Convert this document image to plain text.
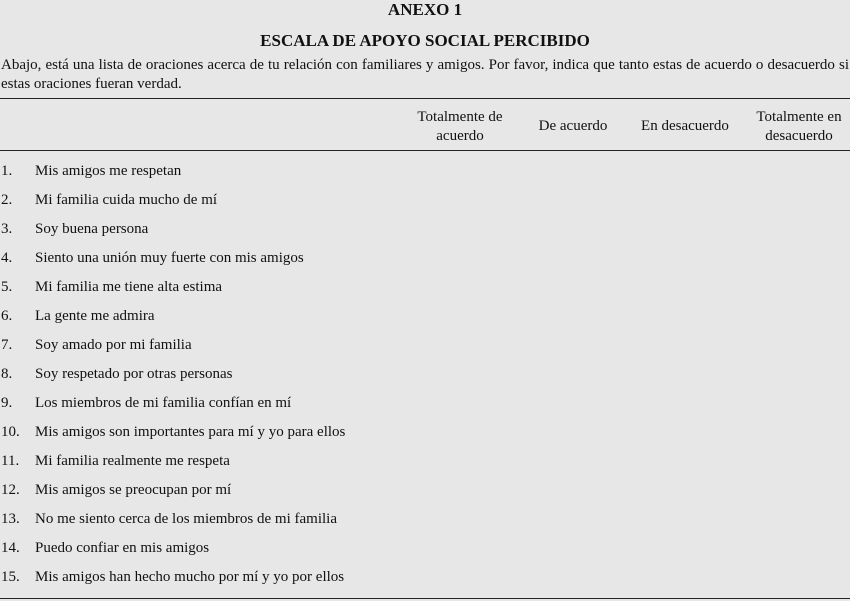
ANEXO 1
ESCALA DE APOYO SOCIAL PERCIBIDO
Abajo, está una lista de oraciones acerca de tu relación con familiares y amigos. Por favor, indica que tanto estas de acuerdo o desacuerdo si estas oraciones fueran verdad.
Totalmente de acuerdo
De acuerdo	En desacuerdo
Totalmente en desacuerdo
1. Mis amigos me respetan
2. Mi familia cuida mucho de mí
3. Soy buena persona
4. Siento una unión muy fuerte con mis amigos
5. Mi familia me tiene alta estima
6. La gente me admira
7. Soy amado por mi familia
8. Soy respetado por otras personas
9. Los miembros de mi familia confían en mí
10. Mis amigos son importantes para mí y yo para ellos
11. Mi familia realmente me respeta
12. Mis amigos se preocupan por mí
13. No me siento cerca de los miembros de mi familia
14. Puedo confiar en mis amigos
15. Mis amigos han hecho mucho por mí y yo por ellos
